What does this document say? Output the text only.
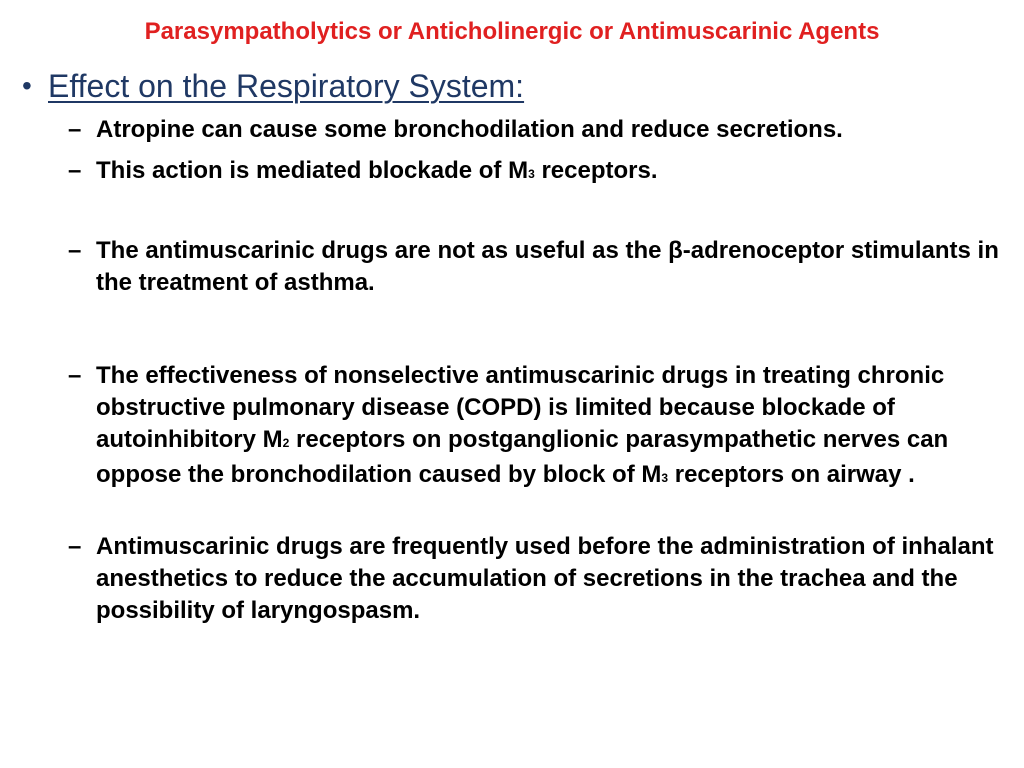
Parasympatholytics or Anticholinergic or Antimuscarinic Agents
• Effect on the Respiratory System:
– Atropine can cause some bronchodilation and reduce secretions.
– This action is mediated blockade of M3 receptors.
– The antimuscarinic drugs are not as useful as the β-adrenoceptor stimulants in the treatment of asthma.
– The effectiveness of nonselective antimuscarinic drugs in treating chronic obstructive pulmonary disease (COPD) is limited because blockade of autoinhibitory M2 receptors on postganglionic parasympathetic nerves can oppose the bronchodilation caused by block of M3 receptors on airway .
– Antimuscarinic drugs are frequently used before the administration of inhalant anesthetics to reduce the accumulation of secretions in the trachea and the possibility of laryngospasm.
